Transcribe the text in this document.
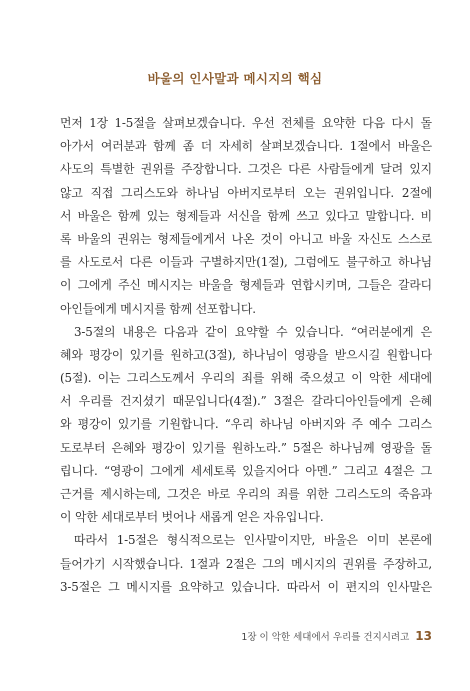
바울의 인사말과 메시지의 핵심
먼저 1장 1-5절을 살펴보겠습니다. 우선 전체를 요약한 다음 다시 돌
아가서 여러분과 함께 좀 더 자세히 살펴보겠습니다. 1절에서 바울은
사도의 특별한 권위를 주장합니다. 그것은 다른 사람들에게 달려 있지
않고 직접 그리스도와 하나님 아버지로부터 오는 권위입니다. 2절에
서 바울은 함께 있는 형제들과 서신을 함께 쓰고 있다고 말합니다. 비
록 바울의 권위는 형제들에게서 나온 것이 아니고 바울 자신도 스스로
를 사도로서 다른 이들과 구별하지만(1절), 그럼에도 불구하고 하나님
이 그에게 주신 메시지는 바울을 형제들과 연합시키며, 그들은 갈라디
아인들에게 메시지를 함께 선포합니다.
3-5절의 내용은 다음과 같이 요약할 수 있습니다. “여러분에게 은
혜와 평강이 있기를 원하고(3절), 하나님이 영광을 받으시길 원합니다
(5절). 이는 그리스도께서 우리의 죄를 위해 죽으셨고 이 악한 세대에
서 우리를 건지셨기 때문입니다(4절).” 3절은 갈라디아인들에게 은혜
와 평강이 있기를 기원합니다. “우리 하나님 아버지와 주 예수 그리스
도로부터 은혜와 평강이 있기를 원하노라.” 5절은 하나님께 영광을 돌
립니다. “영광이 그에게 세세토록 있을지어다 아멘.” 그리고 4절은 그
근거를 제시하는데, 그것은 바로 우리의 죄를 위한 그리스도의 죽음과
이 악한 세대로부터 벗어나 새롭게 얻은 자유입니다.
따라서 1-5절은 형식적으로는 인사말이지만, 바울은 이미 본론에
들어가기 시작했습니다. 1절과 2절은 그의 메시지의 권위를 주장하고,
3-5절은 그 메시지를 요약하고 있습니다. 따라서 이 편지의 인사말은
1장 이 악한 세대에서 우리를 건지시려고 13
